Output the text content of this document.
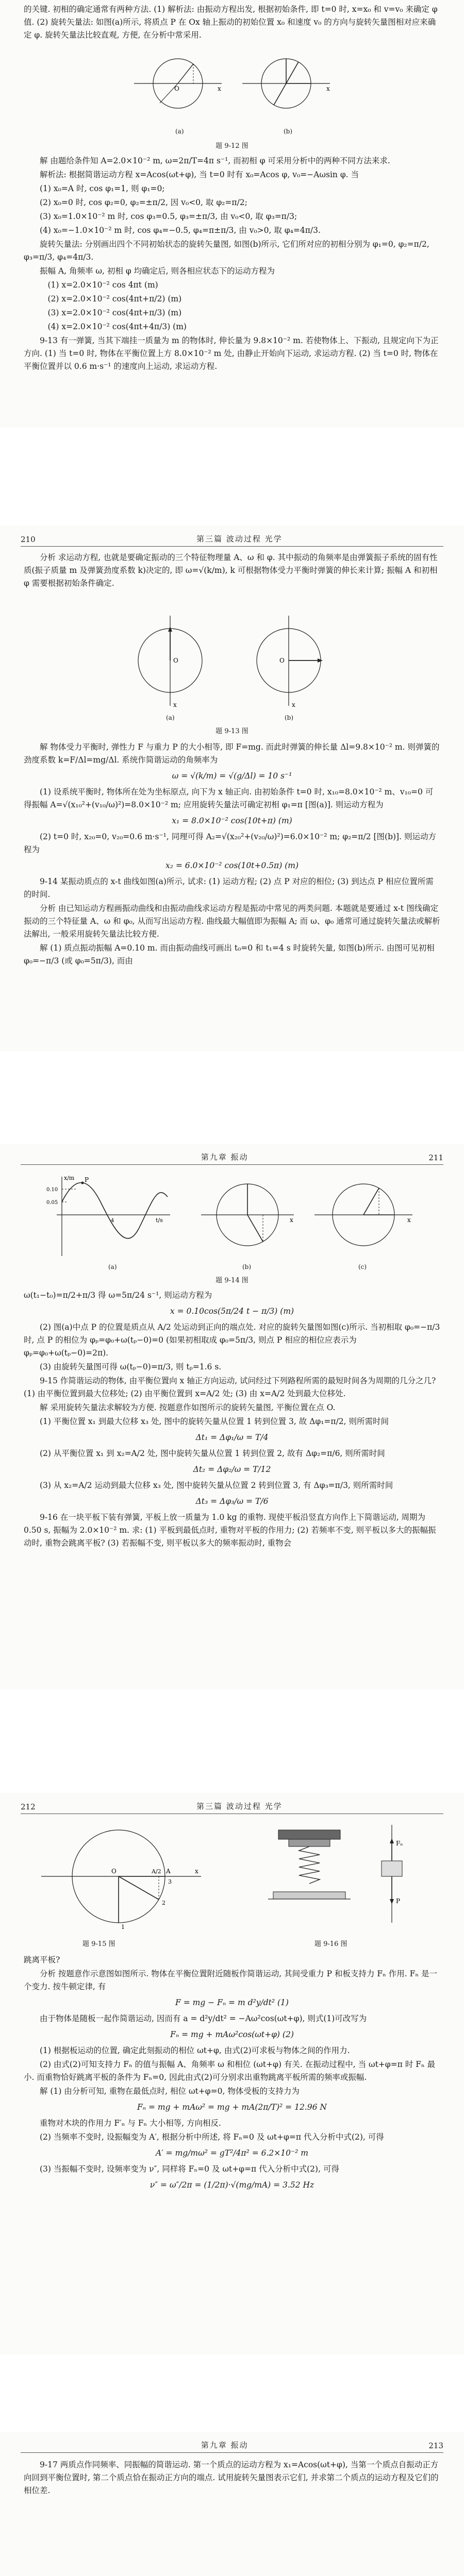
的关键. 初相的确定通常有两种方法. (1) 解析法: 由振动方程出发, 根据初始条件, 即 t=0 时, x=x₀ 和 v=v₀ 来确定 φ 值. (2) 旋转矢量法: 如图(a)所示, 将质点 P 在 Ox 轴上振动的初始位置 x₀ 和速度 v₀ 的方向与旋转矢量图相对应来确定 φ. 旋转矢量法比较直观, 方便, 在分析中常采用.

x
O	x
(a)	(b)
题 9-12 图

解 由题给条件知 A=2.0×10⁻² m, ω=2π/T=4π s⁻¹, 而初相 φ 可采用分析中的两种不同方法来求.

解析法: 根据简谐运动方程 x=Acos(ωt+φ), 当 t=0 时有 x₀=Acos φ, v₀=−Aωsin φ. 当

(1) x₀=A 时, cos φ₁=1, 则 φ₁=0;

(2) x₀=0 时, cos φ₂=0, φ₂=±π/2, 因 v₀<0, 取 φ₂=π/2;

(3) x₀=1.0×10⁻² m 时, cos φ₃=0.5, φ₃=±π/3, 由 v₀<0, 取 φ₃=π/3;

(4) x₀=−1.0×10⁻² m 时, cos φ₄=−0.5, φ₄=π±π/3, 由 v₀>0, 取 φ₄=4π/3.

旋转矢量法: 分别画出四个不同初始状态的旋转矢量图, 如图(b)所示, 它们所对应的初相分别为 φ₁=0, φ₂=π/2, φ₃=π/3, φ₄=4π/3.

振幅 A, 角频率 ω, 初相 φ 均确定后, 则各相应状态下的运动方程为

(1) x=2.0×10⁻² cos 4πt (m)

(2) x=2.0×10⁻² cos(4πt+π/2) (m)

(3) x=2.0×10⁻² cos(4πt+π/3) (m)

(4) x=2.0×10⁻² cos(4πt+4π/3) (m)

9-13 有一弹簧, 当其下端挂一质量为 m 的物体时, 伸长量为 9.8×10⁻² m. 若使物体上、下振动, 且规定向下为正方向. (1) 当 t=0 时, 物体在平衡位置上方 8.0×10⁻² m 处, 由静止开始向下运动, 求运动方程. (2) 当 t=0 时, 物体在平衡位置并以 0.6 m·s⁻¹ 的速度向上运动, 求运动方程.

210	第三篇 波动过程 光学

分析 求运动方程, 也就是要确定振动的三个特征物理量 A、ω 和 φ. 其中振动的角频率是由弹簧振子系统的固有性质(振子质量 m 及弹簧劲度系数 k)决定的, 即 ω=√(k/m), k 可根据物体受力平衡时弹簧的伸长来计算; 振幅 A 和初相 φ 需要根据初始条件确定.

O
x
O
x
(a)	(b)
题 9-13 图

解 物体受力平衡时, 弹性力 F 与重力 P 的大小相等, 即 F=mg. 而此时弹簧的伸长量 Δl=9.8×10⁻² m. 则弹簧的劲度系数 k=F/Δl=mg/Δl. 系统作简谐运动的角频率为

ω = √(k/m) = √(g/Δl) = 10 s⁻¹

(1) 设系统平衡时, 物体所在处为坐标原点, 向下为 x 轴正向. 由初始条件 t=0 时, x₁₀=8.0×10⁻² m、v₁₀=0 可得振幅 A=√(x₁₀²+(v₁₀/ω)²)=8.0×10⁻² m; 应用旋转矢量法可确定初相 φ₁=π [图(a)]. 则运动方程为

x₁ = 8.0×10⁻² cos(10t+π) (m)

(2) t=0 时, x₂₀=0, v₂₀=0.6 m·s⁻¹, 同理可得 A₂=√(x₂₀²+(v₂₀/ω)²)=6.0×10⁻² m; φ₂=π/2 [图(b)]. 则运动方程为

x₂ = 6.0×10⁻² cos(10t+0.5π) (m)

9-14 某振动质点的 x-t 曲线如图(a)所示, 试求: (1) 运动方程; (2) 点 P 对应的相位; (3) 到达点 P 相应位置所需的时间.

分析 由已知运动方程画振动曲线和由振动曲线求运动方程是振动中常见的两类问题. 本题就是要通过 x-t 图线确定振动的三个特征量 A、ω 和 φ₀, 从而写出运动方程. 曲线最大幅值即为振幅 A; 而 ω、φ₀ 通常可通过旋转矢量法或解析法解出, 一般采用旋转矢量法比较方便.

解 (1) 质点振动振幅 A=0.10 m. 而由振动曲线可画出 t₀=0 和 t₁=4 s 时旋转矢量, 如图(b)所示. 由图可见初相 φ₀=−π/3 (或 φ₀=5π/3), 而由

第九章 振动	211
P
t/s
x/m
0.10
0.05
4	x	x
(a)	(b)	(c)
题 9-14 图

ω(t₁−t₀)=π/2+π/3 得 ω=5π/24 s⁻¹, 则运动方程为

x = 0.10cos(5π/24 t − π/3) (m)

(2) 图(a)中点 P 的位置是质点从 A/2 处运动到正向的端点处. 对应的旋转矢量图如图(c)所示. 当初相取 φ₀=−π/3 时, 点 P 的相位为 φₚ=φ₀+ω(tₚ−0)=0 (如果初相取成 φ₀=5π/3, 则点 P 相应的相位应表示为 φₚ=φ₀+ω(tₚ−0)=2π).

(3) 由旋转矢量图可得 ω(tₚ−0)=π/3, 则 tₚ=1.6 s.

9-15 作简谐运动的物体, 由平衡位置向 x 轴正方向运动, 试问经过下列路程所需的最短时间各为周期的几分之几? (1) 由平衡位置到最大位移处; (2) 由平衡位置到 x=A/2 处; (3) 由 x=A/2 处到最大位移处.

解 采用旋转矢量法求解较为方便. 按题意作如图所示的旋转矢量图, 平衡位置在点 O.

(1) 平衡位置 x₁ 到最大位移 x₃ 处, 图中的旋转矢量从位置 1 转到位置 3, 故 Δφ₁=π/2, 则所需时间

Δt₁ = Δφ₁/ω = T/4

(2) 从平衡位置 x₁ 到 x₂=A/2 处, 图中旋转矢量从位置 1 转到位置 2, 故有 Δφ₂=π/6, 则所需时间

Δt₂ = Δφ₂/ω = T/12

(3) 从 x₂=A/2 运动到最大位移 x₃ 处, 图中旋转矢量从位置 2 转到位置 3, 有 Δφ₃=π/3, 则所需时间

Δt₃ = Δφ₃/ω = T/6

9-16 在一块平板下装有弹簧, 平板上放一质量为 1.0 kg 的重物. 现使平板沿竖直方向作上下简谐运动, 周期为 0.50 s, 振幅为 2.0×10⁻² m. 求: (1) 平板到最低点时, 重物对平板的作用力; (2) 若频率不变, 则平板以多大的振幅振动时, 重物会跳离平板? (3) 若振幅不变, 则平板以多大的频率振动时, 重物会

212	第三篇 波动过程 光学
O	x
A
A/2
1
2
3
Fₙ
P
题 9-15 图	题 9-16 图

跳离平板?

分析 按题意作示意图如图所示. 物体在平衡位置附近随板作简谐运动, 其间受重力 P 和板支持力 Fₙ 作用. Fₙ 是一个变力. 按牛顿定律, 有

F = mg − Fₙ = m d²y/dt² (1)

由于物体是随板一起作简谐运动, 因而有 a = d²y/dt² = −Aω²cos(ωt+φ), 则式(1)可改写为

Fₙ = mg + mAω²cos(ωt+φ) (2)

(1) 根据板运动的位置, 确定此刻振动的相位 ωt+φ, 由式(2)可求板与物体之间的作用力.

(2) 由式(2)可知支持力 Fₙ 的值与振幅 A、角频率 ω 和相位 (ωt+φ) 有关. 在振动过程中, 当 ωt+φ=π 时 Fₙ 最小. 而重物恰好跳离平板的条件为 Fₙ=0, 因此由式(2)可分别求出重物跳离平板所需的频率或振幅.

解 (1) 由分析可知, 重物在最低点时, 相位 ωt+φ=0, 物体受板的支持力为

Fₙ = mg + mAω² = mg + mA(2π/T)² = 12.96 N

重物对木块的作用力 F′ₙ 与 Fₙ 大小相等, 方向相反.

(2) 当频率不变时, 设振幅变为 A′, 根据分析中所述, 将 Fₙ=0 及 ωt+φ=π 代入分析中式(2), 可得

A′ = mg/mω² = gT²/4π² = 6.2×10⁻² m

(3) 当振幅不变时, 设频率变为 ν″, 同样将 Fₙ=0 及 ωt+φ=π 代入分析中式(2), 可得

ν″ = ω″/2π = (1/2π)·√(mg/mA) = 3.52 Hz

第九章 振动	213

9-17 两质点作同频率、同振幅的简谐运动. 第一个质点的运动方程为 x₁=Acos(ωt+φ), 当第一个质点自振动正方向回到平衡位置时, 第二个质点恰在振动正方向的端点. 试用旋转矢量图表示它们, 并求第二个质点的运动方程及它们的相位差.
